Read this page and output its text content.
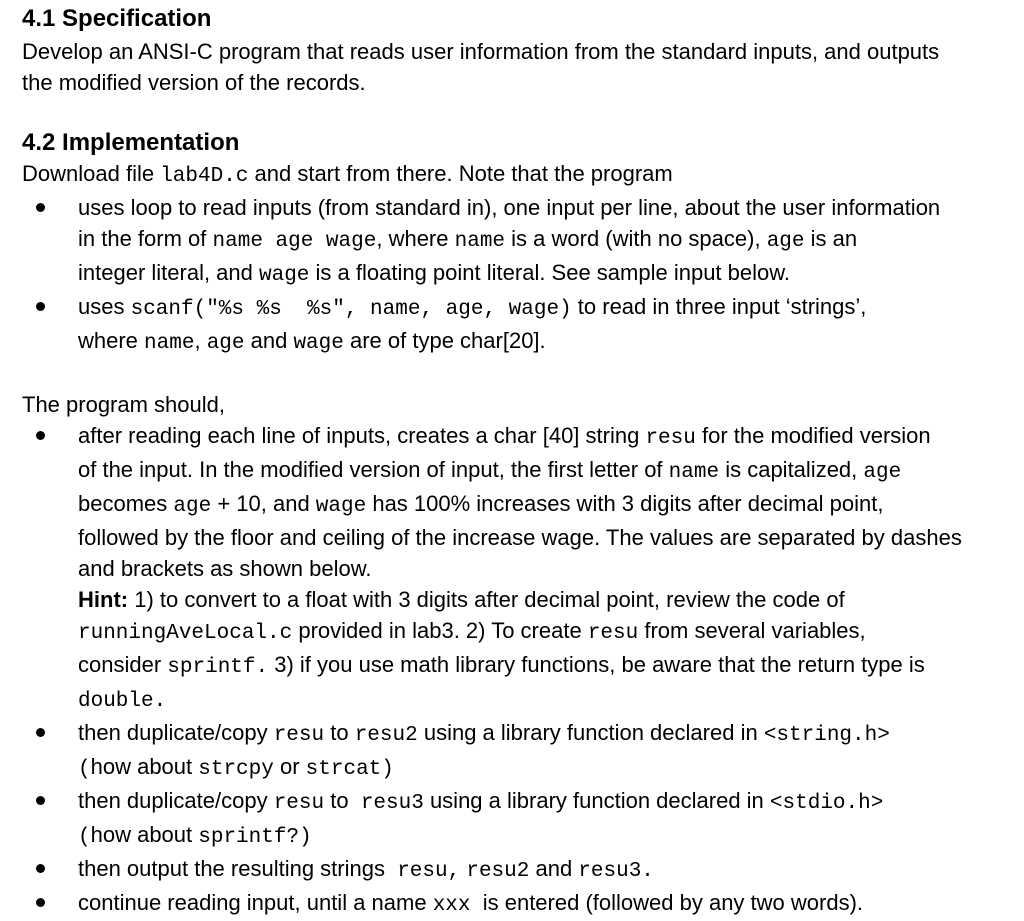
4.1 Specification

Develop an ANSI-C program that reads user information from the standard inputs, and outputs

the modified version of the records.

4.2 Implementation

Download file lab4D.c and start from there. Note that the program

uses loop to read inputs (from standard in), one input per line, about the user information
in the form of name age wage, where name is a word (with no space), age is an
integer literal, and wage is a floating point literal. See sample input below.
uses scanf("%s %s  %s", name, age, wage) to read in three input ‘strings’,
where name, age and wage are of type char[20].

The program should,

after reading each line of inputs, creates a char [40] string resu for the modified version
of the input. In the modified version of input, the first letter of name is capitalized, age
becomes age + 10, and wage has 100% increases with 3 digits after decimal point,
followed by the floor and ceiling of the increase wage. The values are separated by dashes
and brackets as shown below.
Hint: 1) to convert to a float with 3 digits after decimal point, review the code of
runningAveLocal.c provided in lab3. 2) To create resu from several variables,
consider sprintf. 3) if you use math library functions, be aware that the return type is
double.
then duplicate/copy resu to resu2 using a library function declared in <string.h>
(how about strcpy or strcat)
then duplicate/copy resu to  resu3 using a library function declared in <stdio.h>
(how about sprintf?)
then output the resulting strings  resu, resu2 and resu3.
continue reading input, until a name xxx  is entered (followed by any two words).
